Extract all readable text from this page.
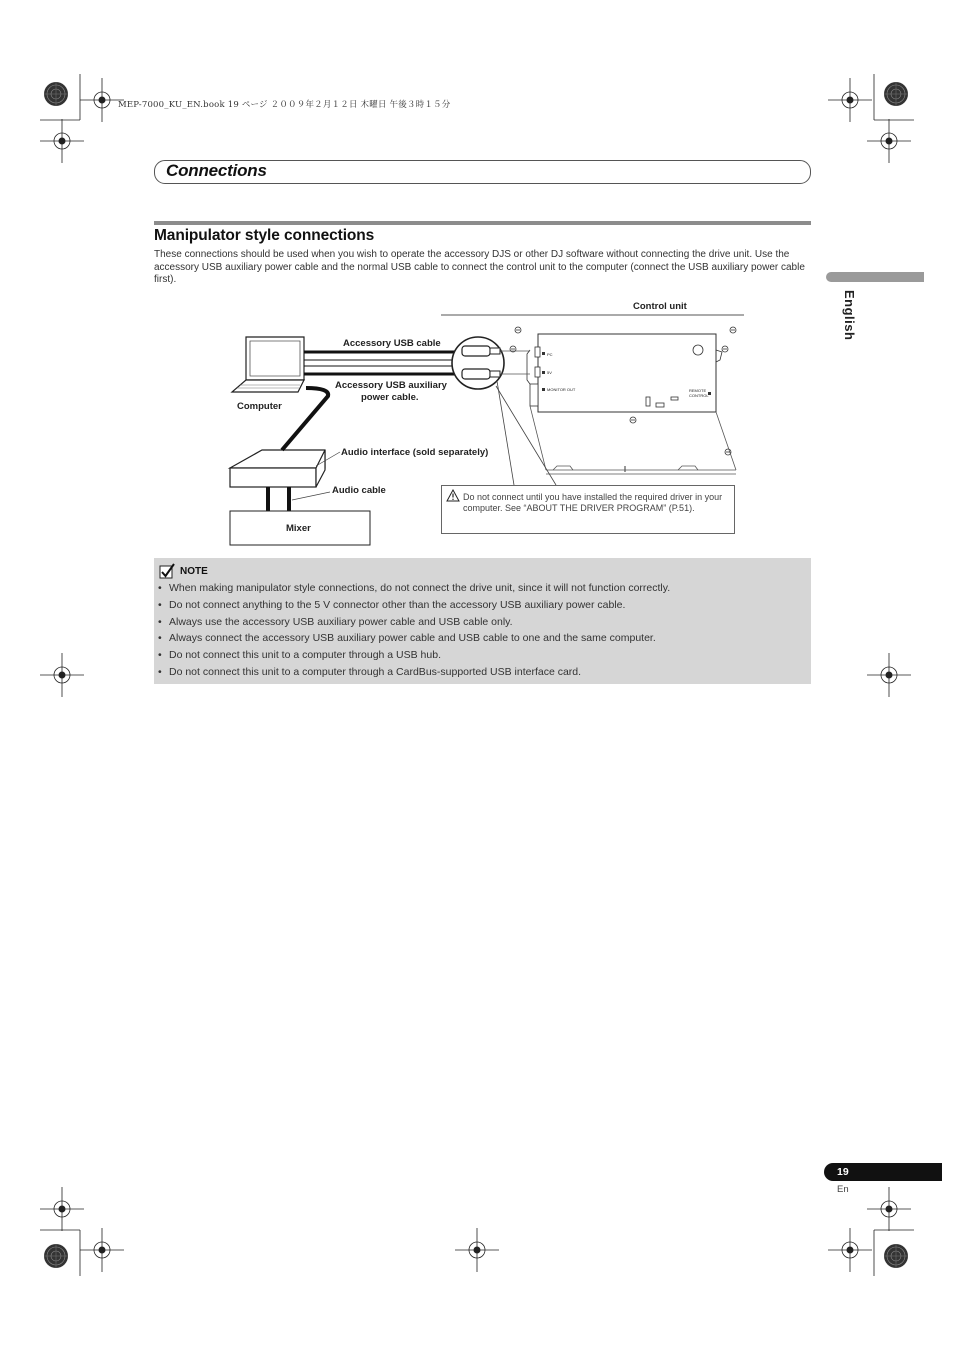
MEP-7000_KU_EN.book 19 ページ ２００９年２月１２日 木曜日 午後３時１５分
Connections
Manipulator style connections
These connections should be used when you wish to operate the accessory DJS or other DJ software without connecting the drive unit. Use the accessory USB auxiliary power cable and the normal USB cable to connect the control unit to the computer (connect the USB auxiliary power cable first).
English
Control unit
Accessory USB cable
Accessory USB auxiliary
power cable.
Computer
Audio interface (sold separately)
Audio cable
Mixer
PC
5V
MONITOR OUT	REMOTE
CONTROL
Do not connect until you have installed the required driver in your computer. See “ABOUT THE DRIVER PROGRAM” (P.51).
NOTE
• When making manipulator style connections, do not connect the drive unit, since it will not function correctly.
• Do not connect anything to the 5 V connector other than the accessory USB auxiliary power cable.
• Always use the accessory USB auxiliary power cable and USB cable only.
• Always connect the accessory USB auxiliary power cable and USB cable to one and the same computer.
• Do not connect this unit to a computer through a USB hub.
• Do not connect this unit to a computer through a CardBus-supported USB interface card.
19
En
